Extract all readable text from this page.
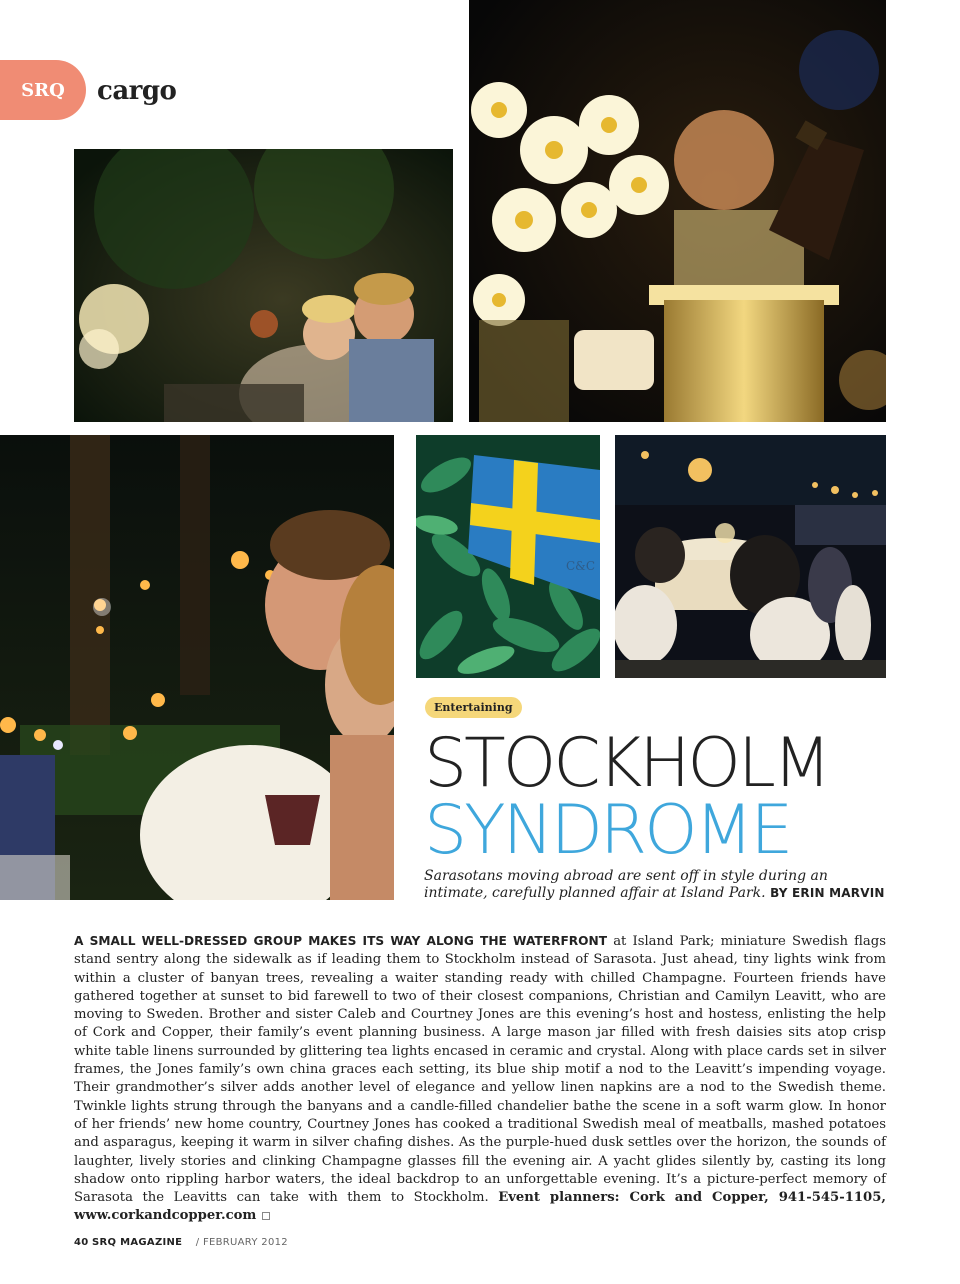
SRQ cargo
C&C
Entertaining
STOCKHOLM
SYNDROME
Sarasotans moving abroad are sent off in style during an intimate, carefully planned affair at Island Park. BY ERIN MARVIN
A SMALL WELL-DRESSED GROUP MAKES ITS WAY ALONG THE WATERFRONT at Island Park; miniature Swedish flags stand sentry along the sidewalk as if leading them to Stockholm instead of Sarasota. Just ahead, tiny lights wink from within a cluster of banyan trees, revealing a waiter standing ready with chilled Champagne. Fourteen friends have gathered together at sunset to bid farewell to two of their closest companions, Christian and Camilyn Leavitt, who are moving to Sweden. Brother and sister Caleb and Courtney Jones are this evening’s host and hostess, enlisting the help of Cork and Copper, their family’s event planning business. A large mason jar filled with fresh daisies sits atop crisp white table linens surrounded by glittering tea lights encased in ceramic and crystal. Along with place cards set in silver frames, the Jones family’s own china graces each setting, its blue ship motif a nod to the Leavitt’s impending voyage. Their grandmother’s silver adds another level of elegance and yellow linen napkins are a nod to the Swedish theme. Twinkle lights strung through the banyans and a candle-filled chandelier bathe the scene in a soft warm glow. In honor of her friends’ new home country, Courtney Jones has cooked a traditional Swedish meal of meatballs, mashed potatoes and asparagus, keeping it warm in silver chafing dishes. As the purple-hued dusk settles over the horizon, the sounds of laughter, lively stories and clinking Champagne glasses fill the evening air. A yacht glides silently by, casting its long shadow onto rippling harbor waters, the ideal backdrop to an unforgettable evening. It’s a picture-perfect memory of Sarasota the Leavitts can take with them to Stockholm. Event planners: Cork and Copper, 941-545-1105, www.corkandcopper.com
40 SRQ MAGAZINE / FEBRUARY 2012
